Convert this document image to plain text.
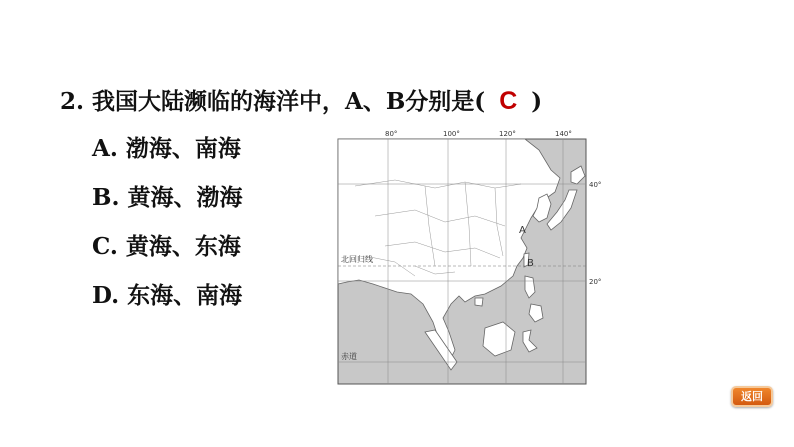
2. 我国大陆濒临的海洋中，A、B分别是( C )
A. 渤海、南海
B. 黄海、渤海
C. 黄海、东海
D. 东海、南海
80°	100°	120°	140°
40°
20°
北回归线
赤道
A
B
返回
